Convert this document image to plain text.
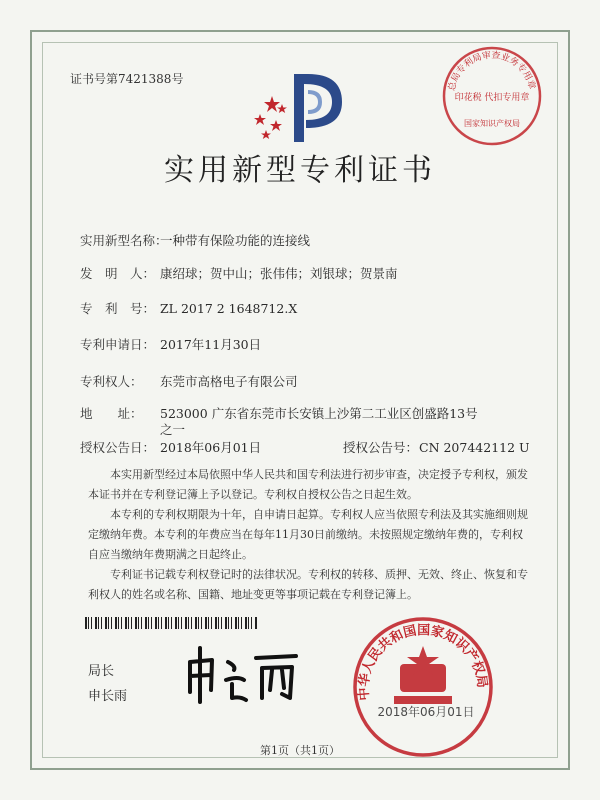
证书号第7421388号
总局专利局审查业务专用章
印花税 代扣专用章
国家知识产权局
实用新型专利证书
实用新型名称：一种带有保险功能的连接线
发　明　人： 康绍球；贺中山；张伟伟；刘银球；贺景南
专　利　号： ZL 2017 2 1648712.X
专利申请日： 2017年11月30日
专利权人： 东莞市高格电子有限公司
地　　址： 523000 广东省东莞市长安镇上沙第二工业区创盛路13号
之一
授权公告日： 2018年06月01日	授权公告号：CN 207442112 U

本实用新型经过本局依照中华人民共和国专利法进行初步审查，决定授予专利权，颁发本证书并在专利登记簿上予以登记。专利权自授权公告之日起生效。

本专利的专利权期限为十年，自申请日起算。专利权人应当依照专利法及其实施细则规定缴纳年费。本专利的年费应当在每年11月30日前缴纳。未按照规定缴纳年费的，专利权自应当缴纳年费期满之日起终止。

专利证书记载专利权登记时的法律状况。专利权的转移、质押、无效、终止、恢复和专利权人的姓名或名称、国籍、地址变更等事项记载在专利登记簿上。

局长
申长雨	中华人民共和国国家知识产权局
2018年06月01日
第1页（共1页）
